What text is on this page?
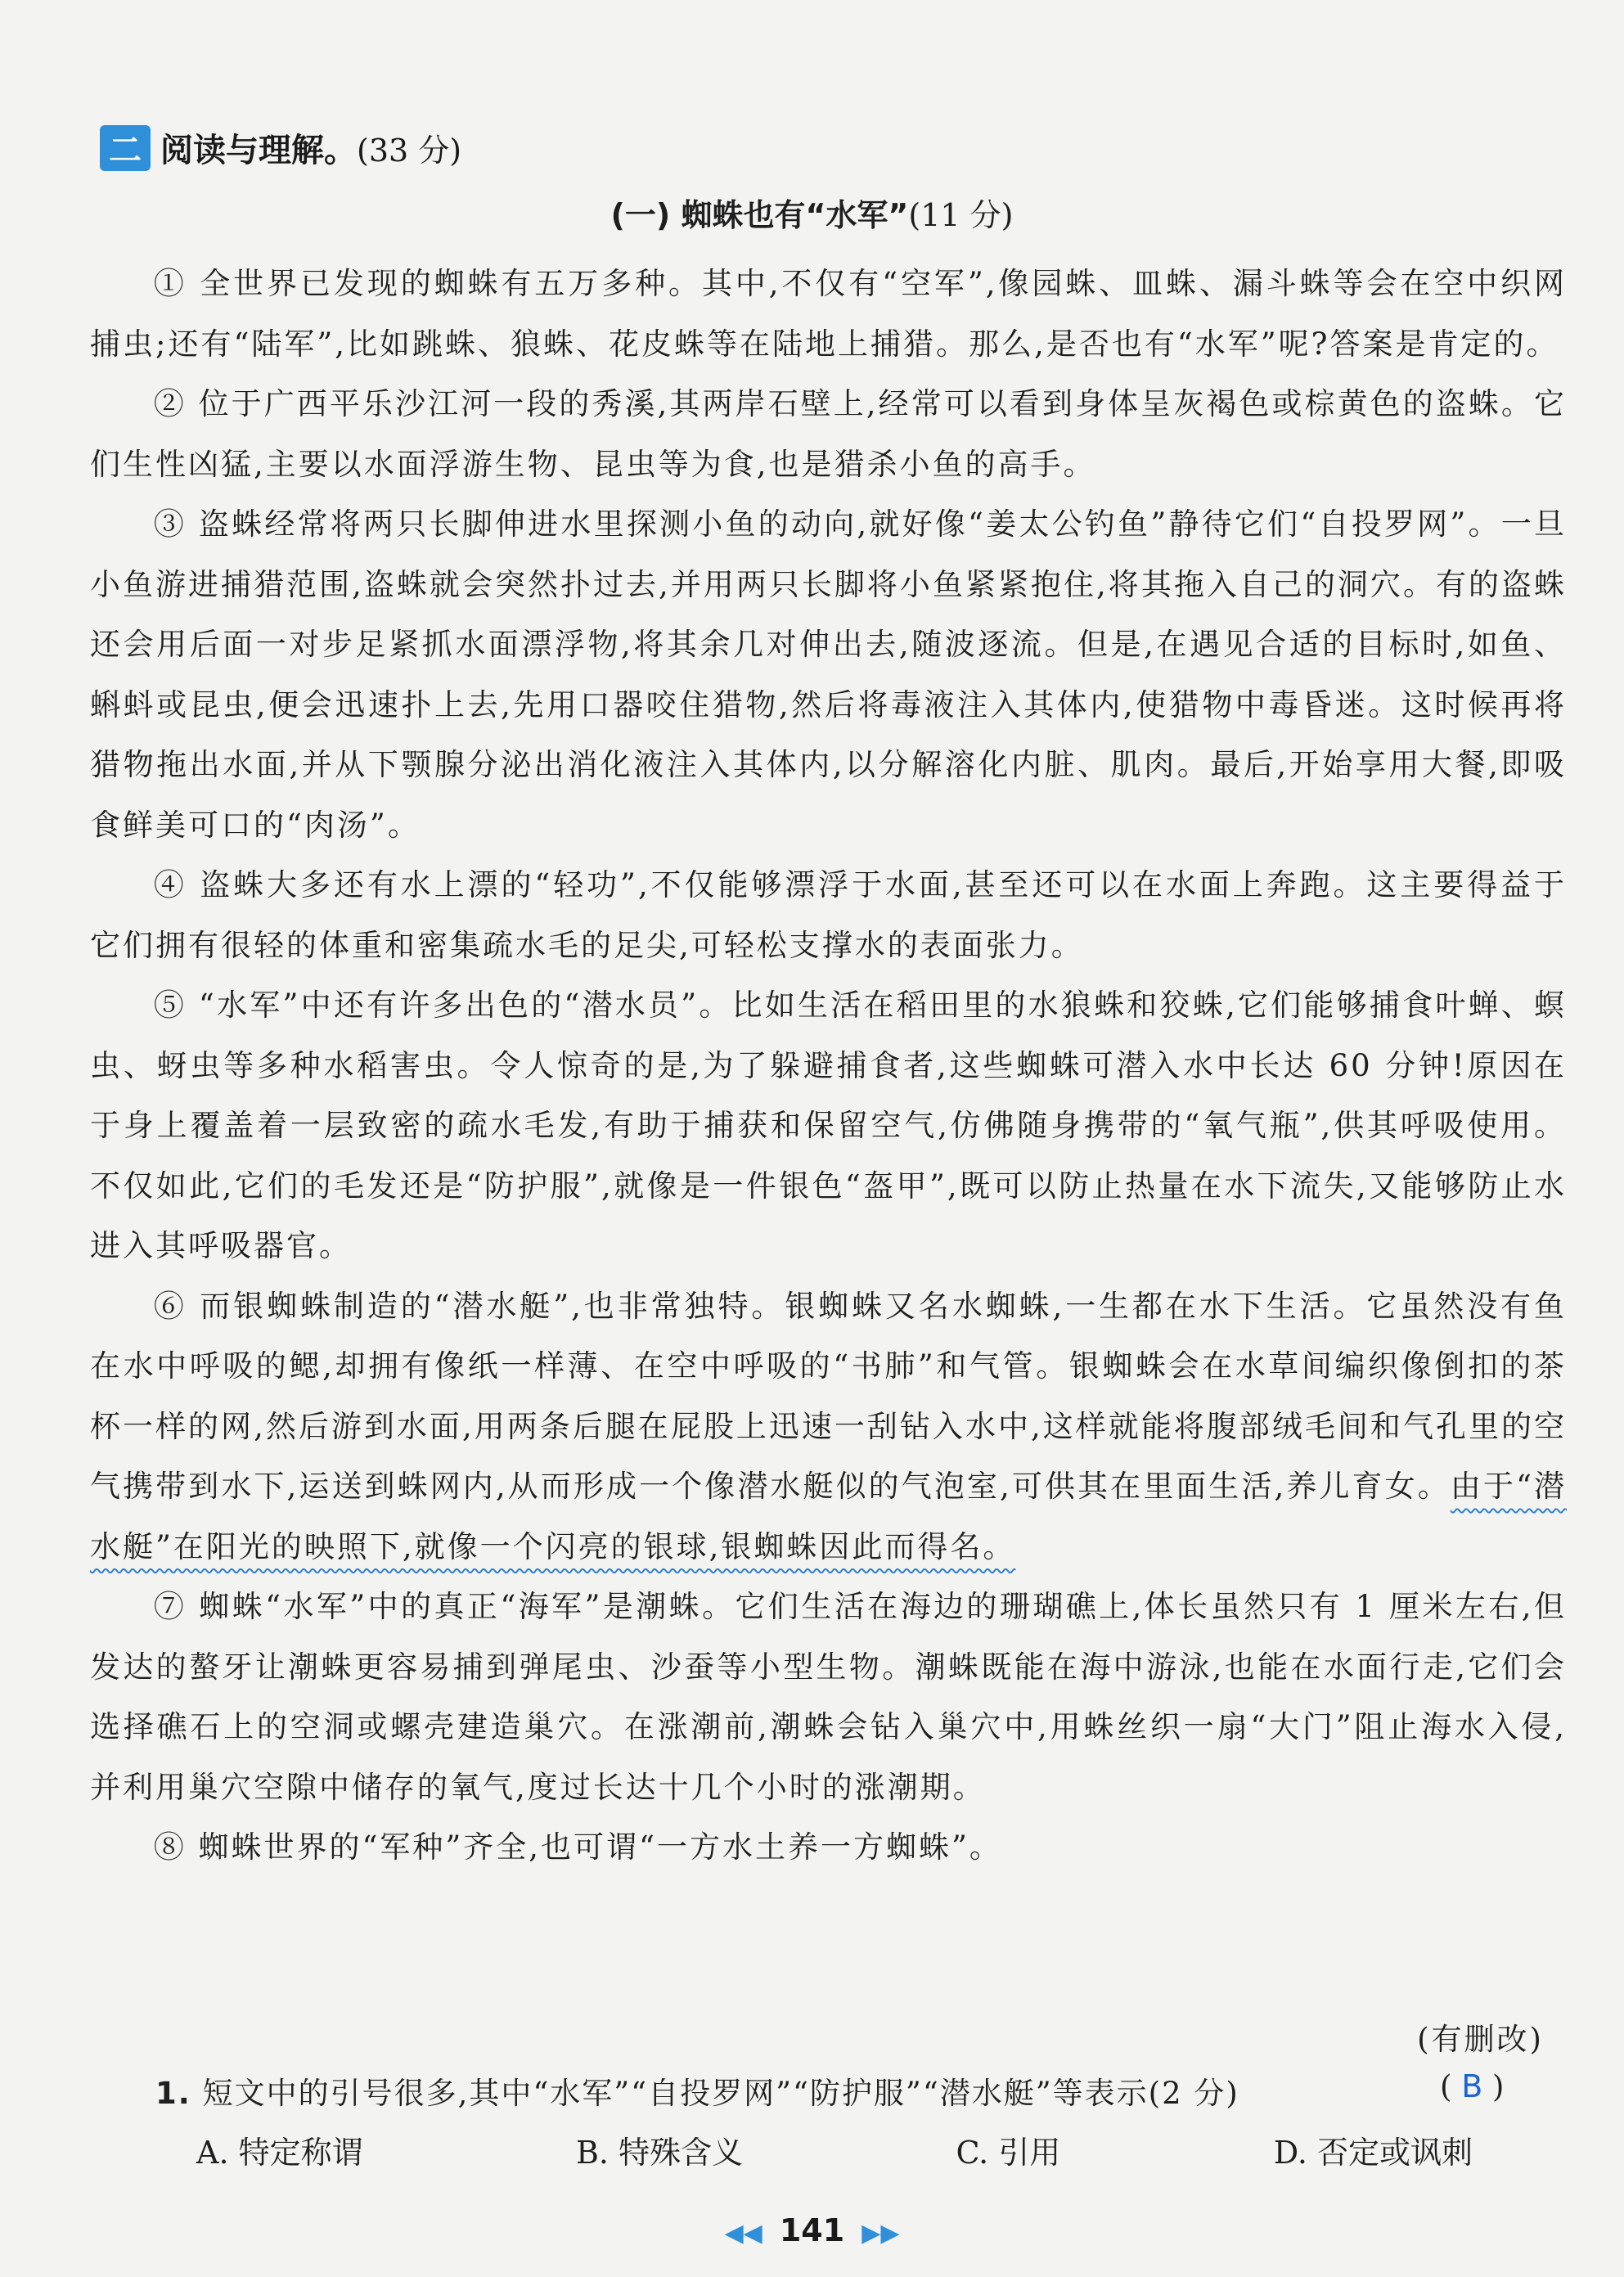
二 阅读与理解。(33 分)
(一) 蜘蛛也有“水军”(11 分)

① 全世界已发现的蜘蛛有五万多种。其中,不仅有“空军”,像园蛛、皿蛛、漏斗蛛等会在空中织网捕虫;还有“陆军”,比如跳蛛、狼蛛、花皮蛛等在陆地上捕猎。那么,是否也有“水军”呢?答案是肯定的。

② 位于广西平乐沙江河一段的秀溪,其两岸石壁上,经常可以看到身体呈灰褐色或棕黄色的盗蛛。它们生性凶猛,主要以水面浮游生物、昆虫等为食,也是猎杀小鱼的高手。

③ 盗蛛经常将两只长脚伸进水里探测小鱼的动向,就好像“姜太公钓鱼”静待它们“自投罗网”。一旦小鱼游进捕猎范围,盗蛛就会突然扑过去,并用两只长脚将小鱼紧紧抱住,将其拖入自己的洞穴。有的盗蛛还会用后面一对步足紧抓水面漂浮物,将其余几对伸出去,随波逐流。但是,在遇见合适的目标时,如鱼、蝌蚪或昆虫,便会迅速扑上去,先用口器咬住猎物,然后将毒液注入其体内,使猎物中毒昏迷。这时候再将猎物拖出水面,并从下颚腺分泌出消化液注入其体内,以分解溶化内脏、肌肉。最后,开始享用大餐,即吸食鲜美可口的“肉汤”。

④ 盗蛛大多还有水上漂的“轻功”,不仅能够漂浮于水面,甚至还可以在水面上奔跑。这主要得益于它们拥有很轻的体重和密集疏水毛的足尖,可轻松支撑水的表面张力。

⑤ “水军”中还有许多出色的“潜水员”。比如生活在稻田里的水狼蛛和狡蛛,它们能够捕食叶蝉、螟虫、蚜虫等多种水稻害虫。令人惊奇的是,为了躲避捕食者,这些蜘蛛可潜入水中长达 60 分钟!原因在于身上覆盖着一层致密的疏水毛发,有助于捕获和保留空气,仿佛随身携带的“氧气瓶”,供其呼吸使用。不仅如此,它们的毛发还是“防护服”,就像是一件银色“盔甲”,既可以防止热量在水下流失,又能够防止水进入其呼吸器官。

⑥ 而银蜘蛛制造的“潜水艇”,也非常独特。银蜘蛛又名水蜘蛛,一生都在水下生活。它虽然没有鱼在水中呼吸的鳃,却拥有像纸一样薄、在空中呼吸的“书肺”和气管。银蜘蛛会在水草间编织像倒扣的茶杯一样的网,然后游到水面,用两条后腿在屁股上迅速一刮钻入水中,这样就能将腹部绒毛间和气孔里的空气携带到水下,运送到蛛网内,从而形成一个像潜水艇似的气泡室,可供其在里面生活,养儿育女。由于“潜水艇”在阳光的映照下,就像一个闪亮的银球,银蜘蛛因此而得名。

⑦ 蜘蛛“水军”中的真正“海军”是潮蛛。它们生活在海边的珊瑚礁上,体长虽然只有 1 厘米左右,但发达的螯牙让潮蛛更容易捕到弹尾虫、沙蚕等小型生物。潮蛛既能在海中游泳,也能在水面行走,它们会选择礁石上的空洞或螺壳建造巢穴。在涨潮前,潮蛛会钻入巢穴中,用蛛丝织一扇“大门”阻止海水入侵,并利用巢穴空隙中储存的氧气,度过长达十几个小时的涨潮期。

⑧ 蜘蛛世界的“军种”齐全,也可谓“一方水土养一方蜘蛛”。

(有删改)
1. 短文中的引号很多,其中“水军”“自投罗网”“防护服”“潜水艇”等表示(2 分)	( B )
A. 特定称谓	B. 特殊含义	C. 引用	D. 否定或讽刺
◀◀ 141 ▶▶
